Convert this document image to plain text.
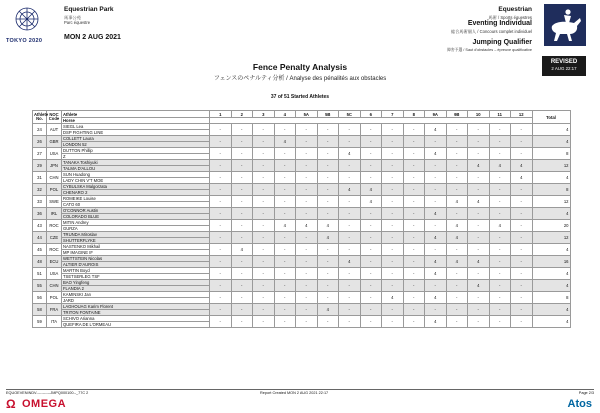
TOKYO 2020
Equestrian Park
馬事公苑
Parc équestre
MON 2 AUG 2021
Equestrian
馬術 / Sports équestres
Eventing Individual
総合馬術個人 / Concours complet individuel
Jumping Qualifier
障害予選 / Saut d'obstacles – épreuve qualificative
REVISED
2 AUG 22:17
Fence Penalty Analysis
フェンスのペナルティ分析 / Analyse des pénalités aux obstacles
37 of 51 Started Athletes
Athlete No.	NOC Code	Athlete	1	2	3	4	5A	5B	5C	6	7	8	9A	9B	10	11	12	Total
		Horse																
24	AUT	SIEGL Lea	-	-	-	-	-	-	-	-	-	-	4	-	-	-	-	4
		DSP FIGHTING LINE																
26	GBR	COLLETT Laura	-	-	-	4	-	-	-	-	-	-	-	-	-	-	-	4
		LONDON 52																
27	USA	DUTTON Phillip	-	-	-	-	-	-	4	-	-	-	4	-	-	-	-	8
		Z																
29	JPN	TANAKA Toshiyuki	-	-	-	-	-	-	-	-	-	-	-	-	4	4	4	12
		TALMA D'ALLOU																
31	CHN	SUN Huadong	-	-	-	-	-	-	-	-	-	-	-	-	-	-	4	4
		LADY CHIN V'T MOE																
32	POL	CYBULSKA Malgorzata	-	-	-	-	-	-	4	4	-	-	-	-	-	-	-	8
		CHENARO 2																
33	SWE	ROMEIKE Louise	-	-	-	-	-	-	-	4	-	-	-	4	4	-	-	12
		CATO 60																
36	IRL	O'CONNOR Austin	-	-	-	-	-	-	-	-	-	-	4	-	-	-	-	4
		COLORADO BLUE																
43	ROC	MITIN Andrey	-	-	-	4	4	4	-	-	-	-	-	4	-	4	-	20
		GURZA																
44	CZE	TRUNDA Miroslav	-	-	-	-	-	4	-	-	-	-	4	4	-	-	-	12
		SHUTTERFLYKE																
45	ROC	NASTENKO Mikhail	-	4	-	-	-	-	-	-	-	-	-	-	-	-	-	4
		MP IMAGINE IF																
48	ECU	WETTSTEIN Nicolas	-	-	-	-	-	-	4	-	-	-	4	4	4	-	-	16
		ALTIER D'AUROIS																
51	USA	MARTIN Boyd	-	-	-	-	-	-	-	-	-	-	4	-	-	-	-	4
		TSETSERLEG TSF																
55	CHN	BAO Yingfeng	-	-	-	-	-	-	-	-	-	-	-	-	4	-	-	4
		FLANDIA 2																
56	POL	KAMINSKI Jan	-	-	-	-	-	-	-	-	4	-	4	-	-	-	-	8
		JARD																
58	FRA	LAGHOUAG Karim Florent	-	-	-	-	-	4	-	-	-	-	-	-	-	-	-	4
		TRITON FONTAINE																
59	ITA	SCHIVO Arianna	-	-	-	-	-	-	-	-	-	-	4	-	-	-	-	4
		QUEFIRA DE L'ORMEAU																
EQUOEVENINDV-----------JMPQ000100--_77C 2	Report Created MON 2 AUG 2021 22:17	Page 2/3
Ω OMEGA	Atos
